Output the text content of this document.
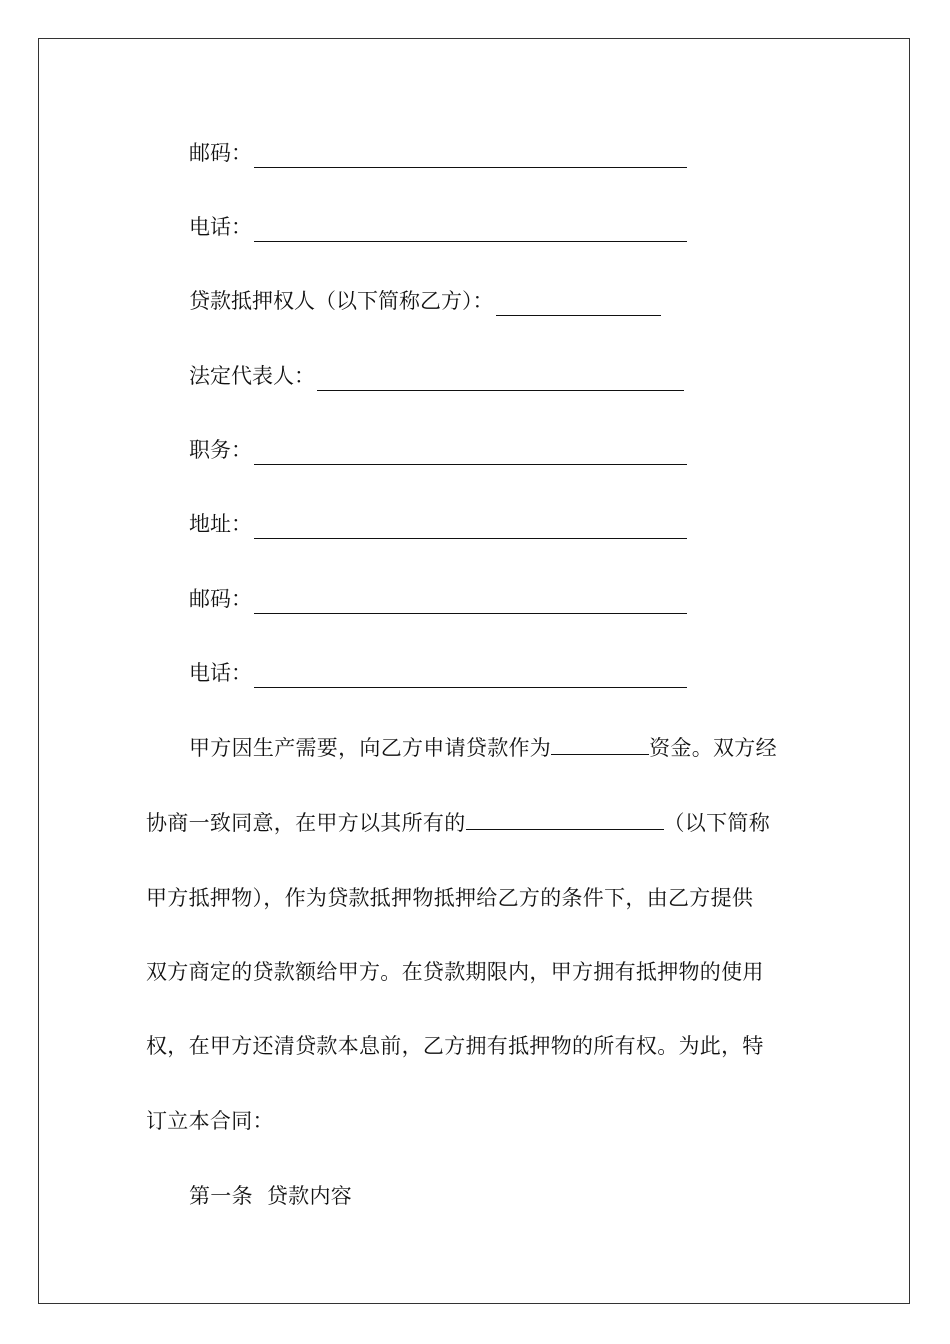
邮码：
电话：
贷款抵押权人（以下简称乙方）：
法定代表人：
职务：
地址：
邮码：
电话：
甲方因生产需要，向乙方申请贷款作为	资金。双方经
协商一致同意，在甲方以其所有的	（以下简称
甲方抵押物），作为贷款抵押物抵押给乙方的条件下，由乙方提供
双方商定的贷款额给甲方。在贷款期限内，甲方拥有抵押物的使用
权，在甲方还清贷款本息前，乙方拥有抵押物的所有权。为此，特
订立本合同：
第一条  贷款内容
